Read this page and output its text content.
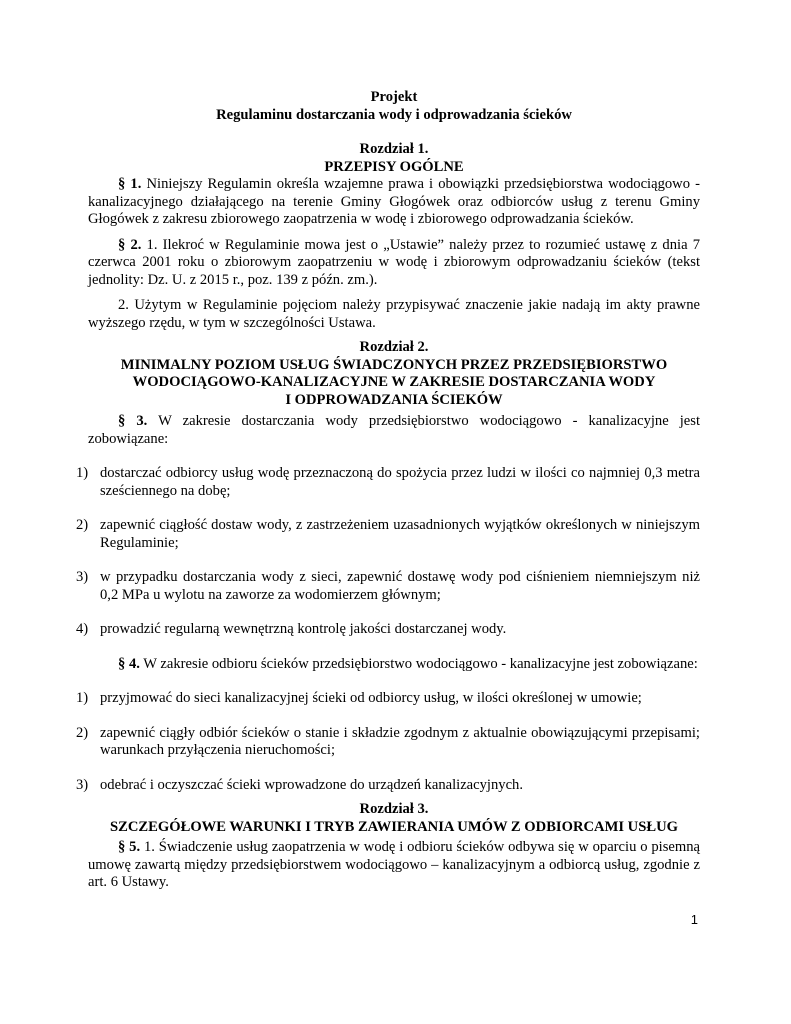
Projekt
Regulaminu dostarczania wody i odprowadzania ścieków
Rozdział 1.
PRZEPISY OGÓLNE

§ 1. Niniejszy Regulamin określa wzajemne prawa i obowiązki przedsiębiorstwa wodociągowo - kanalizacyjnego działającego na terenie Gminy Głogówek oraz odbiorców usług z terenu Gminy Głogówek z zakresu zbiorowego zaopatrzenia w wodę i zbiorowego odprowadzania ścieków.

§ 2. 1. Ilekroć w Regulaminie mowa jest o „Ustawie” należy przez to rozumieć ustawę z dnia 7 czerwca 2001 roku o zbiorowym zaopatrzeniu w wodę i zbiorowym odprowadzaniu ścieków (tekst jednolity: Dz. U. z 2015 r., poz. 139 z późn. zm.).

2. Użytym w Regulaminie pojęciom należy przypisywać znaczenie jakie nadają im akty prawne wyższego rzędu, w tym w szczególności Ustawa.

Rozdział 2.
MINIMALNY POZIOM USŁUG ŚWIADCZONYCH PRZEZ PRZEDSIĘBIORSTWO
WODOCIĄGOWO-KANALIZACYJNE W ZAKRESIE DOSTARCZANIA WODY
I ODPROWADZANIA ŚCIEKÓW

§ 3. W zakresie dostarczania wody przedsiębiorstwo wodociągowo - kanalizacyjne jest zobowiązane:

1) dostarczać odbiorcy usług wodę przeznaczoną do spożycia przez ludzi w ilości co najmniej 0,3 metra sześciennego na dobę;

2) zapewnić ciągłość dostaw wody, z zastrzeżeniem uzasadnionych wyjątków określonych w niniejszym Regulaminie;

3) w przypadku dostarczania wody z sieci, zapewnić dostawę wody pod ciśnieniem niemniejszym niż 0,2 MPa u wylotu na zaworze za wodomierzem głównym;

4) prowadzić regularną wewnętrzną kontrolę jakości dostarczanej wody.

§ 4. W zakresie odbioru ścieków przedsiębiorstwo wodociągowo - kanalizacyjne jest zobowiązane:

1) przyjmować do sieci kanalizacyjnej ścieki od odbiorcy usług, w ilości określonej w umowie;

2) zapewnić ciągły odbiór ścieków o stanie i składzie zgodnym z aktualnie obowiązującymi przepisami; warunkach przyłączenia nieruchomości;

3) odebrać i oczyszczać ścieki wprowadzone do urządzeń kanalizacyjnych.

Rozdział 3.
SZCZEGÓŁOWE WARUNKI I TRYB ZAWIERANIA UMÓW Z ODBIORCAMI USŁUG

§ 5. 1. Świadczenie usług zaopatrzenia w wodę i odbioru ścieków odbywa się w oparciu o pisemną umowę zawartą między przedsiębiorstwem wodociągowo – kanalizacyjnym a odbiorcą usług, zgodnie z art. 6 Ustawy.

1
